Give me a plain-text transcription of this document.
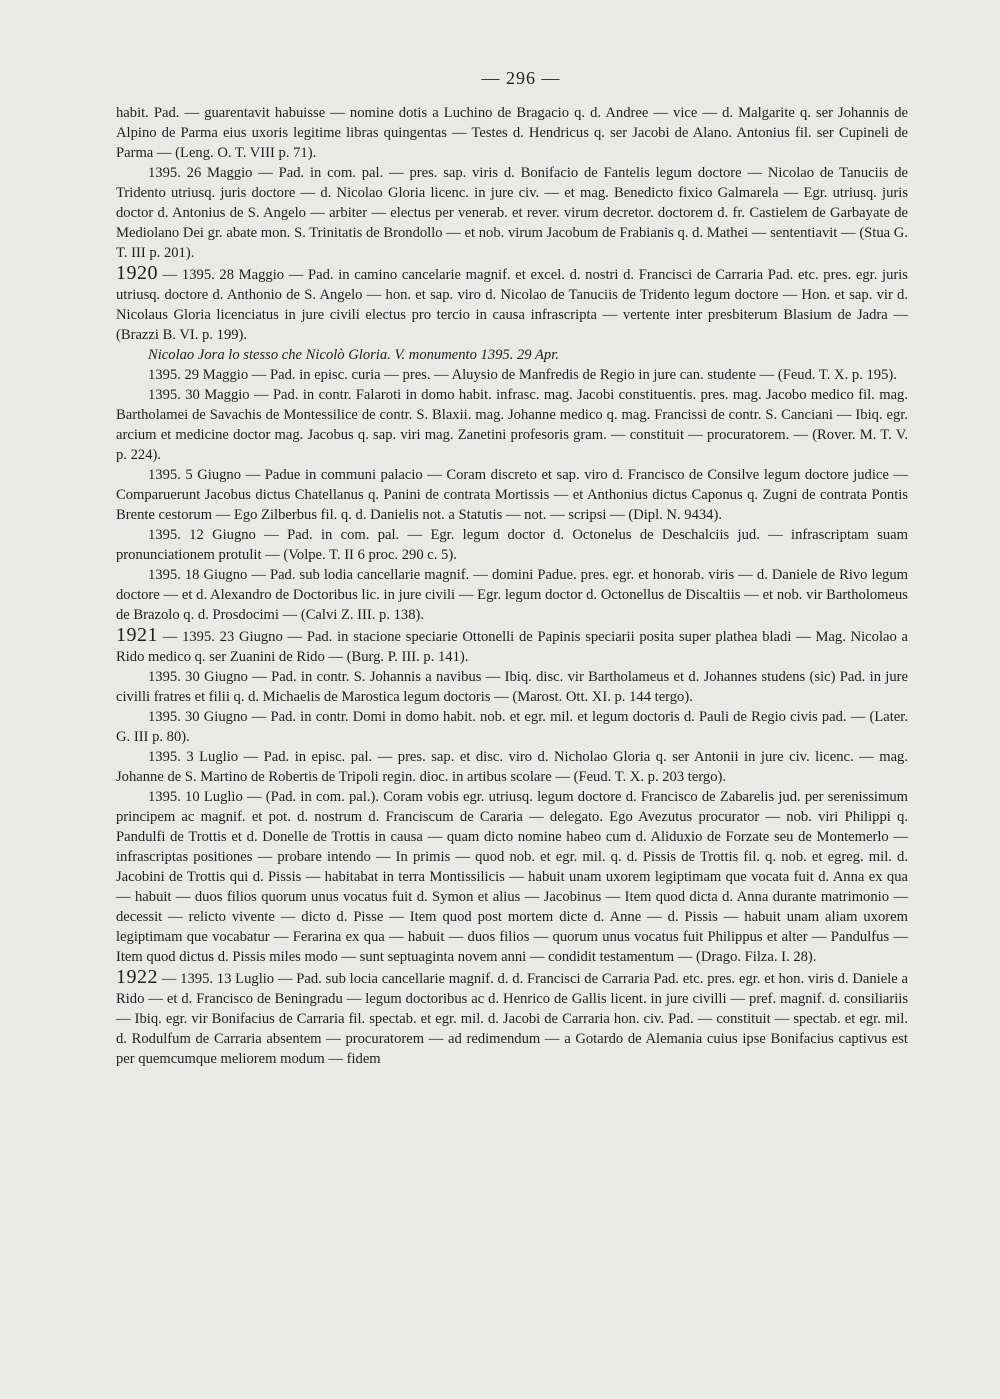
— 296 —

habit. Pad. — guarentavit habuisse — nomine dotis a Luchino de Bragacio q. d. Andree — vice — d. Malgarite q. ser Johannis de Alpino de Parma eius uxoris legitime libras quingentas — Testes d. Hendricus q. ser Jacobi de Alano. Antonius fil. ser Cupineli de Parma — (Leng. O. T. VIII p. 71).

1395. 26 Maggio — Pad. in com. pal. — pres. sap. viris d. Bonifacio de Fantelis legum doctore — Nicolao de Tanuciis de Tridento utriusq. juris doctore — d. Nicolao Gloria licenc. in jure civ. — et mag. Benedicto fixico Galmarela — Egr. utriusq. juris doctor d. Antonius de S. Angelo — arbiter — electus per venerab. et rever. virum decretor. doctorem d. fr. Castielem de Garbayate de Mediolano Dei gr. abate mon. S. Trinitatis de Brondollo — et nob. virum Jacobum de Frabianis q. d. Mathei — sententiavit — (Stua G. T. III p. 201).

1920 — 1395. 28 Maggio — Pad. in camino cancelarie magnif. et excel. d. nostri d. Francisci de Carraria Pad. etc. pres. egr. juris utriusq. doctore d. Anthonio de S. Angelo — hon. et sap. viro d. Nicolao de Tanuciis de Tridento legum doctore — Hon. et sap. vir d. Nicolaus Gloria licenciatus in jure civili electus pro tercio in causa infrascripta — vertente inter presbiterum Blasium de Jadra — (Brazzi B. VI. p. 199).

Nicolao Jora lo stesso che Nicolò Gloria. V. monumento 1395. 29 Apr.

1395. 29 Maggio — Pad. in episc. curia — pres. — Aluysio de Manfredis de Regio in jure can. studente — (Feud. T. X. p. 195).

1395. 30 Maggio — Pad. in contr. Falaroti in domo habit. infrasc. mag. Jacobi constituentis. pres. mag. Jacobo medico fil. mag. Bartholamei de Savachis de Montessilice de contr. S. Blaxii. mag. Johanne medico q. mag. Francissi de contr. S. Canciani — Ibiq. egr. arcium et medicine doctor mag. Jacobus q. sap. viri mag. Zanetini profesoris gram. — constituit — procuratorem. — (Rover. M. T. V. p. 224).

1395. 5 Giugno — Padue in communi palacio — Coram discreto et sap. viro d. Francisco de Consilve legum doctore judice — Comparuerunt Jacobus dictus Chatellanus q. Panini de contrata Mortissis — et Anthonius dictus Caponus q. Zugni de contrata Pontis Brente cestorum — Ego Zilberbus fil. q. d. Danielis not. a Statutis — not. — scripsi — (Dipl. N. 9434).

1395. 12 Giugno — Pad. in com. pal. — Egr. legum doctor d. Octonelus de Deschalciis jud. — infrascriptam suam pronunciationem protulit — (Volpe. T. II 6 proc. 290 c. 5).

1395. 18 Giugno — Pad. sub lodia cancellarie magnif. — domini Padue. pres. egr. et honorab. viris — d. Daniele de Rivo legum doctore — et d. Alexandro de Doctoribus lic. in jure civili — Egr. legum doctor d. Octonellus de Discaltiis — et nob. vir Bartholomeus de Brazolo q. d. Prosdocimi — (Calvi Z. III. p. 138).

1921 — 1395. 23 Giugno — Pad. in stacione speciarie Ottonelli de Papinis speciarii posita super plathea bladi — Mag. Nicolao a Rido medico q. ser Zuanini de Rido — (Burg. P. III. p. 141).

1395. 30 Giugno — Pad. in contr. S. Johannis a navibus — Ibiq. disc. vir Bartholameus et d. Johannes studens (sic) Pad. in jure civilli fratres et filii q. d. Michaelis de Marostica legum doctoris — (Marost. Ott. XI. p. 144 tergo).

1395. 30 Giugno — Pad. in contr. Domi in domo habit. nob. et egr. mil. et legum doctoris d. Pauli de Regio civis pad. — (Later. G. III p. 80).

1395. 3 Luglio — Pad. in episc. pal. — pres. sap. et disc. viro d. Nicholao Gloria q. ser Antonii in jure civ. licenc. — mag. Johanne de S. Martino de Robertis de Tripoli regin. dioc. in artibus scolare — (Feud. T. X. p. 203 tergo).

1395. 10 Luglio — (Pad. in com. pal.). Coram vobis egr. utriusq. legum doctore d. Francisco de Zabarelis jud. per serenissimum principem ac magnif. et pot. d. nostrum d. Franciscum de Cararia — delegato. Ego Avezutus procurator — nob. viri Philippi q. Pandulfi de Trottis et d. Donelle de Trottis in causa — quam dicto nomine habeo cum d. Aliduxio de Forzate seu de Montemerlo — infrascriptas positiones — probare intendo — In primis — quod nob. et egr. mil. q. d. Pissis de Trottis fil. q. nob. et egreg. mil. d. Jacobini de Trottis qui d. Pissis — habitabat in terra Montissilicis — habuit unam uxorem legiptimam que vocata fuit d. Anna ex qua — habuit — duos filios quorum unus vocatus fuit d. Symon et alius — Jacobinus — Item quod dicta d. Anna durante matrimonio — decessit — relicto vivente — dicto d. Pisse — Item quod post mortem dicte d. Anne — d. Pissis — habuit unam aliam uxorem legiptimam que vocabatur — Ferarina ex qua — habuit — duos filios — quorum unus vocatus fuit Philippus et alter — Pandulfus — Item quod dictus d. Pissis miles modo — sunt septuaginta novem anni — condidit testamentum — (Drago. Filza. I. 28).

1922 — 1395. 13 Luglio — Pad. sub locia cancellarie magnif. d. d. Francisci de Carraria Pad. etc. pres. egr. et hon. viris d. Daniele a Rido — et d. Francisco de Beningradu — legum doctoribus ac d. Henrico de Gallis licent. in jure civilli — pref. magnif. d. consiliariis — Ibiq. egr. vir Bonifacius de Carraria fil. spectab. et egr. mil. d. Jacobi de Carraria hon. civ. Pad. — constituit — spectab. et egr. mil. d. Rodulfum de Carraria absentem — procuratorem — ad redimendum — a Gotardo de Alemania cuius ipse Bonifacius captivus est per quemcumque meliorem modum — fidem
